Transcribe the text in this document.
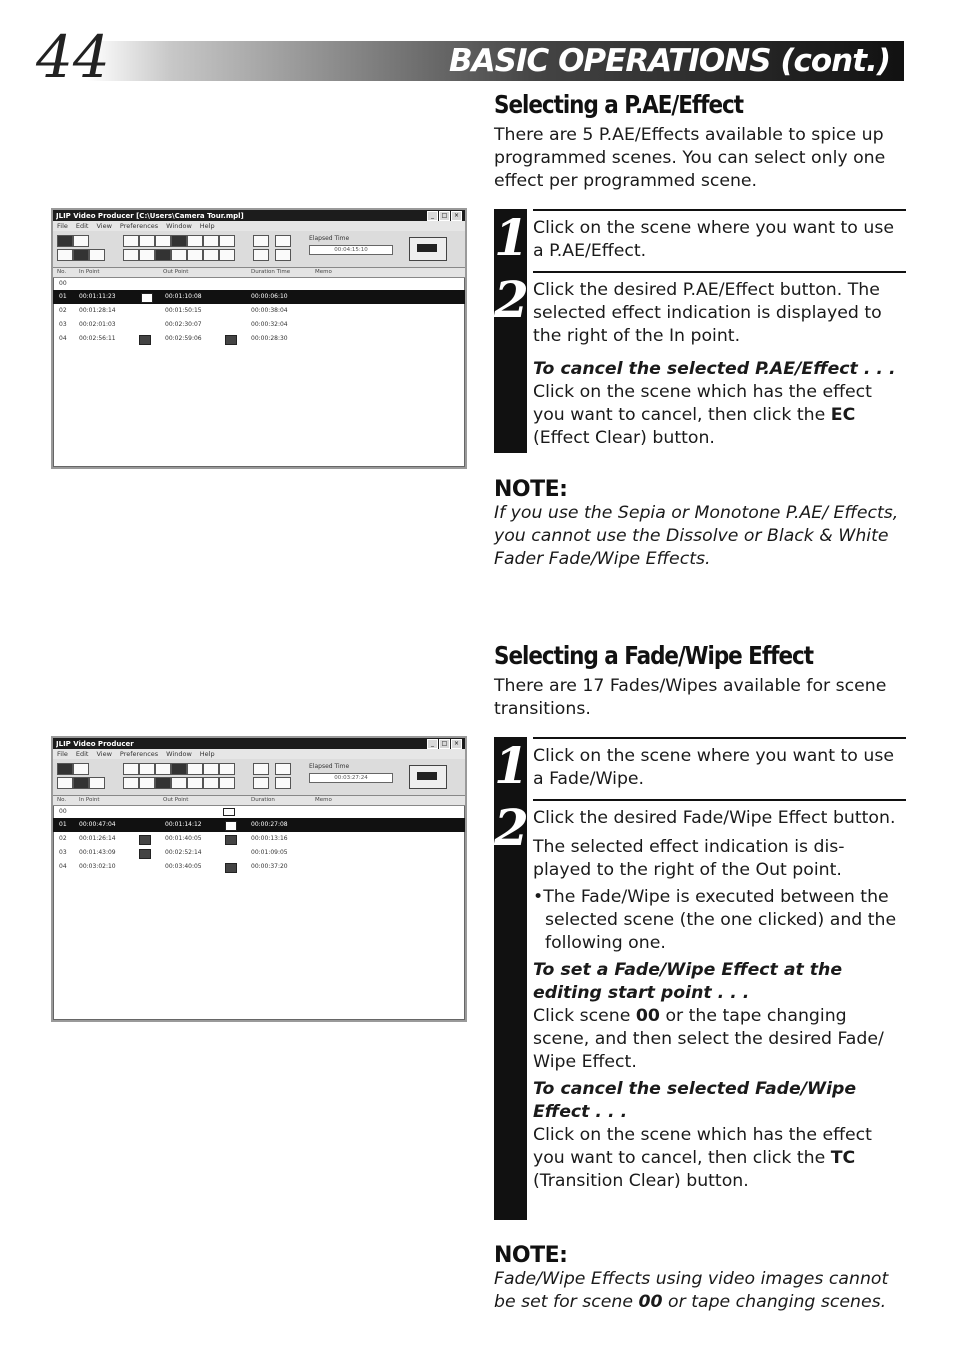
44	BASIC OPERATIONS (cont.)
Selecting a P.AE/Effect

There are 5 P.AE/Effects available to spice up programmed scenes. You can select only one effect per programmed scene.

1 Click on the scene where you want to use a P.AE/Effect.

2 Click the desired P.AE/Effect button. The selected effect indication is displayed to the right of the In point.

To cancel the selected P.AE/Effect . . .
Click on the scene which has the effect you want to cancel, then click the EC (Effect Clear) button.

NOTE:

If you use the Sepia or Monotone P.AE/ Effects, you cannot use the Dissolve or Black & White Fader Fade/Wipe Effects.

Selecting a Fade/Wipe Effect

There are 17 Fades/Wipes available for scene transitions.

1 Click on the scene where you want to use a Fade/Wipe.

2 Click the desired Fade/Wipe Effect button.

The selected effect indication is dis- played to the right of the Out point.

•The Fade/Wipe is executed between the selected scene (the one clicked) and the following one.

To set a Fade/Wipe Effect at the editing start point . . .
Click scene 00 or the tape changing scene, and then select the desired Fade/ Wipe Effect.

To cancel the selected Fade/Wipe Effect . . .
Click on the scene which has the effect you want to cancel, then click the TC (Transition Clear) button.

NOTE:

Fade/Wipe Effects using video images cannot be set for scene 00 or tape changing scenes.

JLIP Video Producer [C:\Users\Camera Tour.mpl]	_	□	×
File Edit View Preferences Window Help
Elapsed Time
00:04:15:10
No. In Point	Out Point	Duration Time	Memo
00
01 00:01:11:23	00:01:10:08	00:00:06:10
02 00:01:28:14	00:01:50:15	00:00:38:04
03 00:02:01:03	00:02:30:07	00:00:32:04
04 00:02:56:11	00:02:59:06	00:00:28:30
JLIP Video Producer	_	□	×
File Edit View Preferences Window Help
Elapsed Time
00:03:27:24
No. In Point	Out Point	Duration	Memo
00
01 00:00:47:04	00:01:14:12	00:00:27:08
02 00:01:26:14	00:01:40:05	00:00:13:16
03 00:01:43:09	00:02:52:14	00:01:09:05
04 00:03:02:10	00:03:40:05	00:00:37:20
